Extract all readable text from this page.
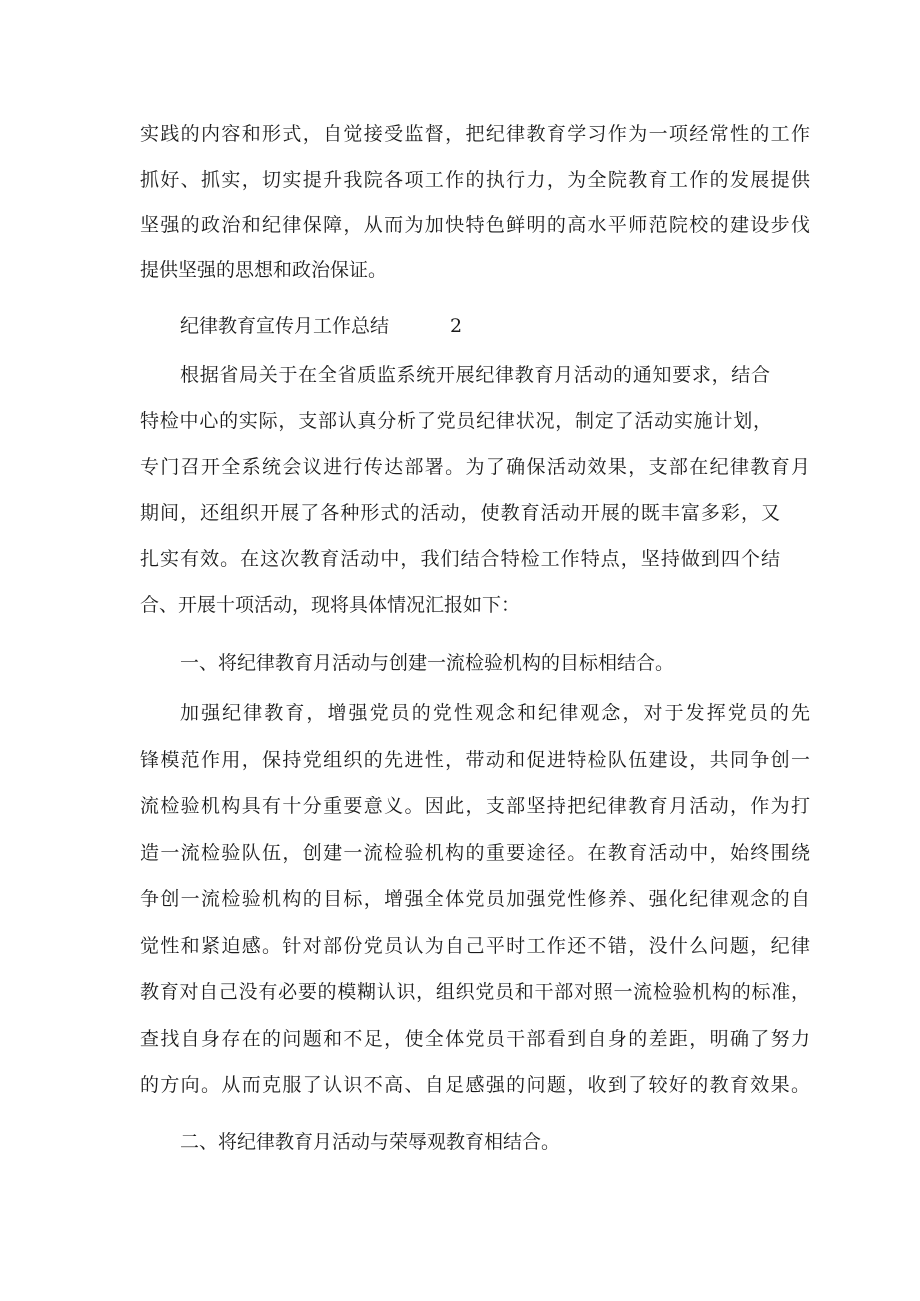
实践的内容和形式，自觉接受监督，把纪律教育学习作为一项经常性的工作
抓好、抓实，切实提升我院各项工作的执行力，为全院教育工作的发展提供
坚强的政治和纪律保障，从而为加快特色鲜明的高水平师范院校的建设步伐
提供坚强的思想和政治保证。
纪律教育宣传月工作总结	2
根据省局关于在全省质监系统开展纪律教育月活动的通知要求，结合
特检中心的实际，支部认真分析了党员纪律状况，制定了活动实施计划，
专门召开全系统会议进行传达部署。为了确保活动效果，支部在纪律教育月
期间，还组织开展了各种形式的活动，使教育活动开展的既丰富多彩，又
扎实有效。在这次教育活动中，我们结合特检工作特点，坚持做到四个结
合、开展十项活动，现将具体情况汇报如下：
一、将纪律教育月活动与创建一流检验机构的目标相结合。
加强纪律教育，增强党员的党性观念和纪律观念，对于发挥党员的先
锋模范作用，保持党组织的先进性，带动和促进特检队伍建设，共同争创一
流检验机构具有十分重要意义。因此，支部坚持把纪律教育月活动，作为打
造一流检验队伍，创建一流检验机构的重要途径。在教育活动中，始终围绕
争创一流检验机构的目标，增强全体党员加强党性修养、强化纪律观念的自
觉性和紧迫感。针对部份党员认为自己平时工作还不错，没什么问题，纪律
教育对自己没有必要的模糊认识，组织党员和干部对照一流检验机构的标准，
查找自身存在的问题和不足，使全体党员干部看到自身的差距，明确了努力
的方向。从而克服了认识不高、自足感强的问题，收到了较好的教育效果。
二、将纪律教育月活动与荣辱观教育相结合。
